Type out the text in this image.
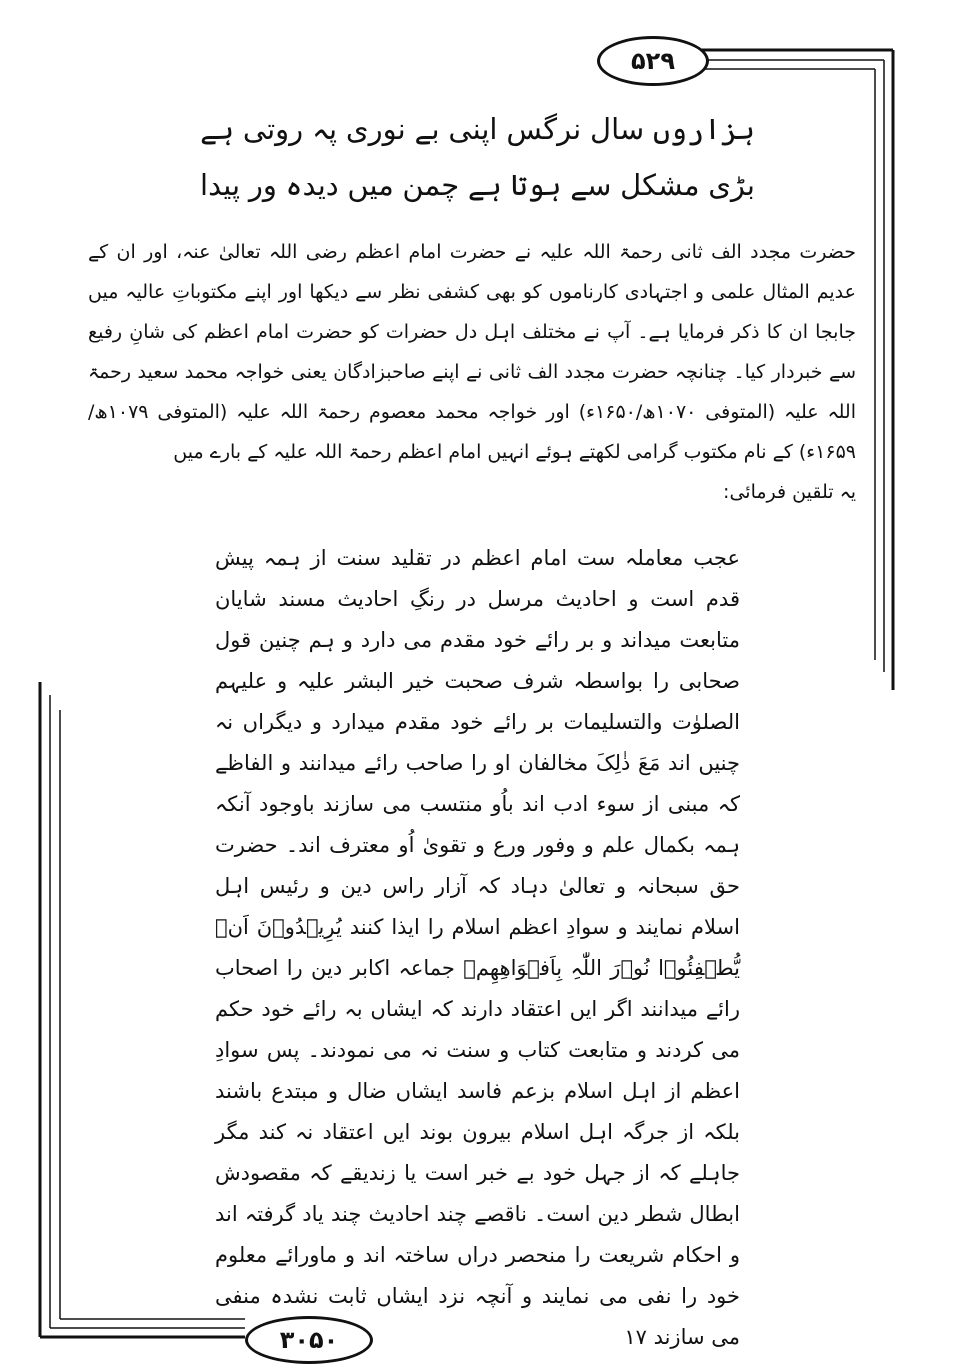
۵۲۹
ہزاروں
سال
نرگس
اپنی
بے
نوری
پہ
روتی
ہے
بڑی
مشکل
سے
ہوتا
ہے
چمن
میں
دیدہ
ور
پیدا
حضرت مجدد الف ثانی رحمۃ اللہ علیہ نے حضرت امام اعظم رضی اللہ تعالیٰ عنہ، اور ان کے عدیم المثال علمی و اجتہادی کارناموں کو بھی کشفی نظر سے دیکھا اور اپنے مکتوباتِ عالیہ میں جابجا ان کا ذکر فرمایا ہے۔ آپ نے مختلف اہل دل حضرات کو حضرت امام اعظم کی شانِ رفیع سے خبردار کیا۔ چنانچہ حضرت مجدد الف ثانی نے اپنے صاحبزادگان یعنی خواجہ محمد سعید رحمۃ اللہ علیہ (المتوفی ۱۰۷۰ھ/۱۶۵۰ء) اور خواجہ محمد معصوم رحمۃ اللہ علیہ (المتوفی ۱۰۷۹ھ/۱۶۵۹ء) کے نام مکتوب گرامی لکھتے ہوئے انہیں امام اعظم رحمۃ اللہ علیہ کے بارے میں
یہ تلقین فرمائی:
عجب معاملہ ست امام اعظم در تقلید سنت از ہمہ پیش قدم است و احادیث مرسل در رنگِ احادیث مسند شایان متابعت میداند و بر رائے خود مقدم می دارد و ہم چنین قول صحابی را بواسطہ شرف صحبت خیر البشر علیہ و علیہم الصلوٰت والتسلیمات بر رائے خود مقدم میدارد و دیگراں نہ چنیں اند مَعَ ذٰلِکَ مخالفان او را صاحب رائے میدانند و الفاظے کہ مبنی از سوء ادب اند باُو منتسب می سازند باوجود آنکہ ہمہ بکمال علم و وفور ورع و تقویٰ اُو معترف اند۔ حضرت حق سبحانہ و تعالیٰ دہاد کہ آزار راس دین و رئیس اہل اسلام نمایند و سوادِ اعظم اسلام را ایذا کنند یُرِیۡدُوۡنَ اَنۡ یُّطۡفِئُوۡا نُوۡرَ اللّٰہِ بِاَفۡوَاهِهِمۡ جماعہ اکابر دین را اصحاب رائے میدانند اگر ایں اعتقاد دارند کہ ایشاں بہ رائے خود حکم می کردند و متابعت کتاب و سنت نہ می نمودند۔ پس سوادِ اعظم از اہل اسلام بزعم فاسد ایشاں ضال و مبتدع باشند بلکہ از جرگہ اہل اسلام بیرون بوند ایں اعتقاد نہ کند مگر جاہلے کہ از جہل خود بے خبر است یا زندیقے کہ مقصودش ابطال شطر دین است۔ ناقصے چند احادیث چند یاد گرفتہ اند و احکام شریعت را منحصر دراں ساختہ اند و ماورائے معلوم خود را نفی می نمایند و آنچہ نزد ایشاں ثابت نشدہ منفی می سازند ۱۷
۳۰۵۰
